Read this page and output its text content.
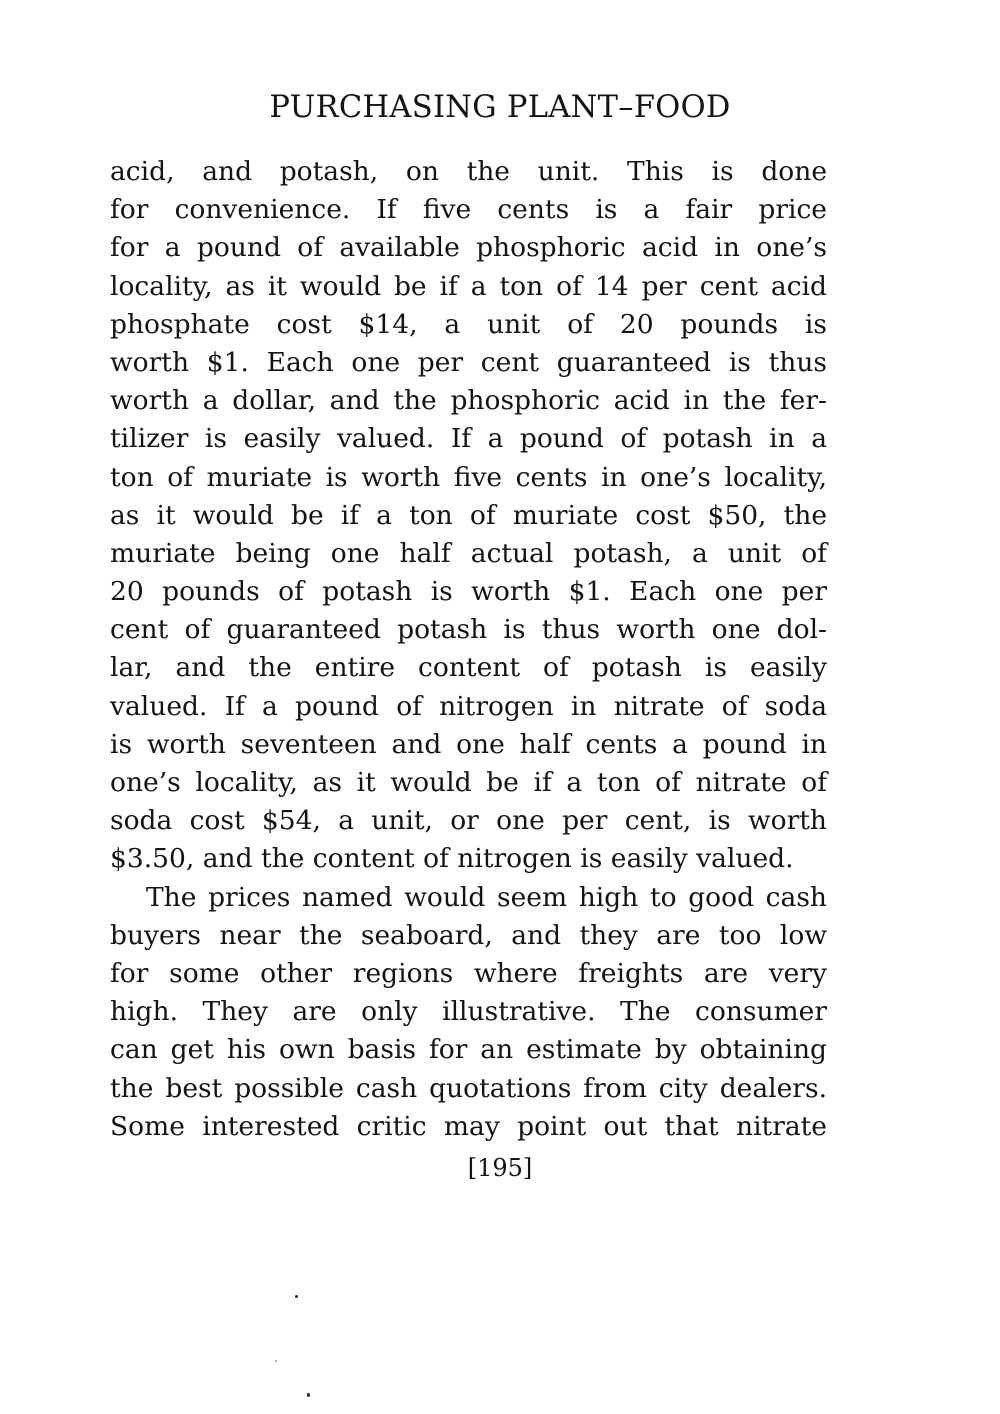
PURCHASING PLANT–FOOD
acid, and potash, on the unit. This is done
for convenience. If five cents is a fair price
for a pound of available phosphoric acid in one’s
locality, as it would be if a ton of 14 per cent acid
phosphate cost $14, a unit of 20 pounds is
worth $1. Each one per cent guaranteed is thus
worth a dollar, and the phosphoric acid in the fer-
tilizer is easily valued. If a pound of potash in a
ton of muriate is worth five cents in one’s locality,
as it would be if a ton of muriate cost $50, the
muriate being one half actual potash, a unit of
20 pounds of potash is worth $1. Each one per
cent of guaranteed potash is thus worth one dol-
lar, and the entire content of potash is easily
valued. If a pound of nitrogen in nitrate of soda
is worth seventeen and one half cents a pound in
one’s locality, as it would be if a ton of nitrate of
soda cost $54, a unit, or one per cent, is worth
$3.50, and the content of nitrogen is easily valued.
The prices named would seem high to good cash
buyers near the seaboard, and they are too low
for some other regions where freights are very
high. They are only illustrative. The consumer
can get his own basis for an estimate by obtaining
the best possible cash quotations from city dealers.
Some interested critic may point out that nitrate
[195]
